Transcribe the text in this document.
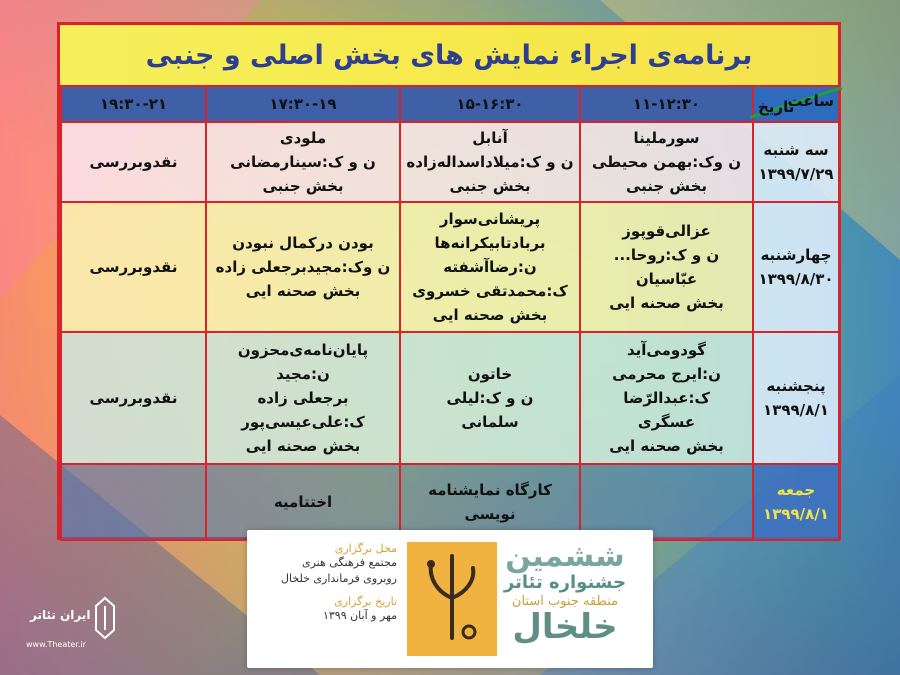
برنامه‌ی اجراء نمایش های بخش اصلی و جنبی
ساعت
تاریخ	۱۱-۱۲:۳۰	۱۵-۱۶:۳۰	۱۷:۳۰-۱۹	۱۹:۳۰-۲۱

سه شنبه
۱۳۹۹/۷/۲۹	سورملینا
ن وک:بهمن محیطی
بخش جنبی	آنابل
ن و ک:میلاداسداله‌زاده
بخش جنبی	ملودی
ن و ک:سینارمضانی
بخش جنبی	نقدوبررسی

چهارشنبه
۱۳۹۹/۸/۳۰	عزالی‌قوپوز
ن و ک:روحا...
عبّاسیان
بخش صحنه ایی	پریشانی‌سوار
بربادتابیکرانه‌ها
ن:رضاآشفته
ک:محمدتقی خسروی
بخش صحنه ایی	بودن درکمال نبودن
ن وک:مجیدبرجعلی زاده
بخش صحنه ایی	نقدوبررسی

پنجشنبه
۱۳۹۹/۸/۱	گودومی‌آید
ن:ایرج محرمی
ک:عبدالرّضا
عسگری
بخش صحنه ایی	خاتون
ن و ک:لیلی
سلمانی	پایان‌نامه‌ی‌محزون
ن:مجید
برجعلی زاده
ک:علی‌عیسی‌پور
بخش صحنه ایی	نقدوبررسی

جمعه
۱۳۹۹/۸/۱		کارگاه نمایشنامه
نویسی	اختتامیه	

ششمین
جشنواره تئاتر
منطقه جنوب استان
خلخال
محل برگزاری
مجتمع فرهنگی هنری
روبروی فرمانداری خلخال
تاریخ برگزاری
مهر و آبان ۱۳۹۹
ایران تئاتر
www.Theater.ir
